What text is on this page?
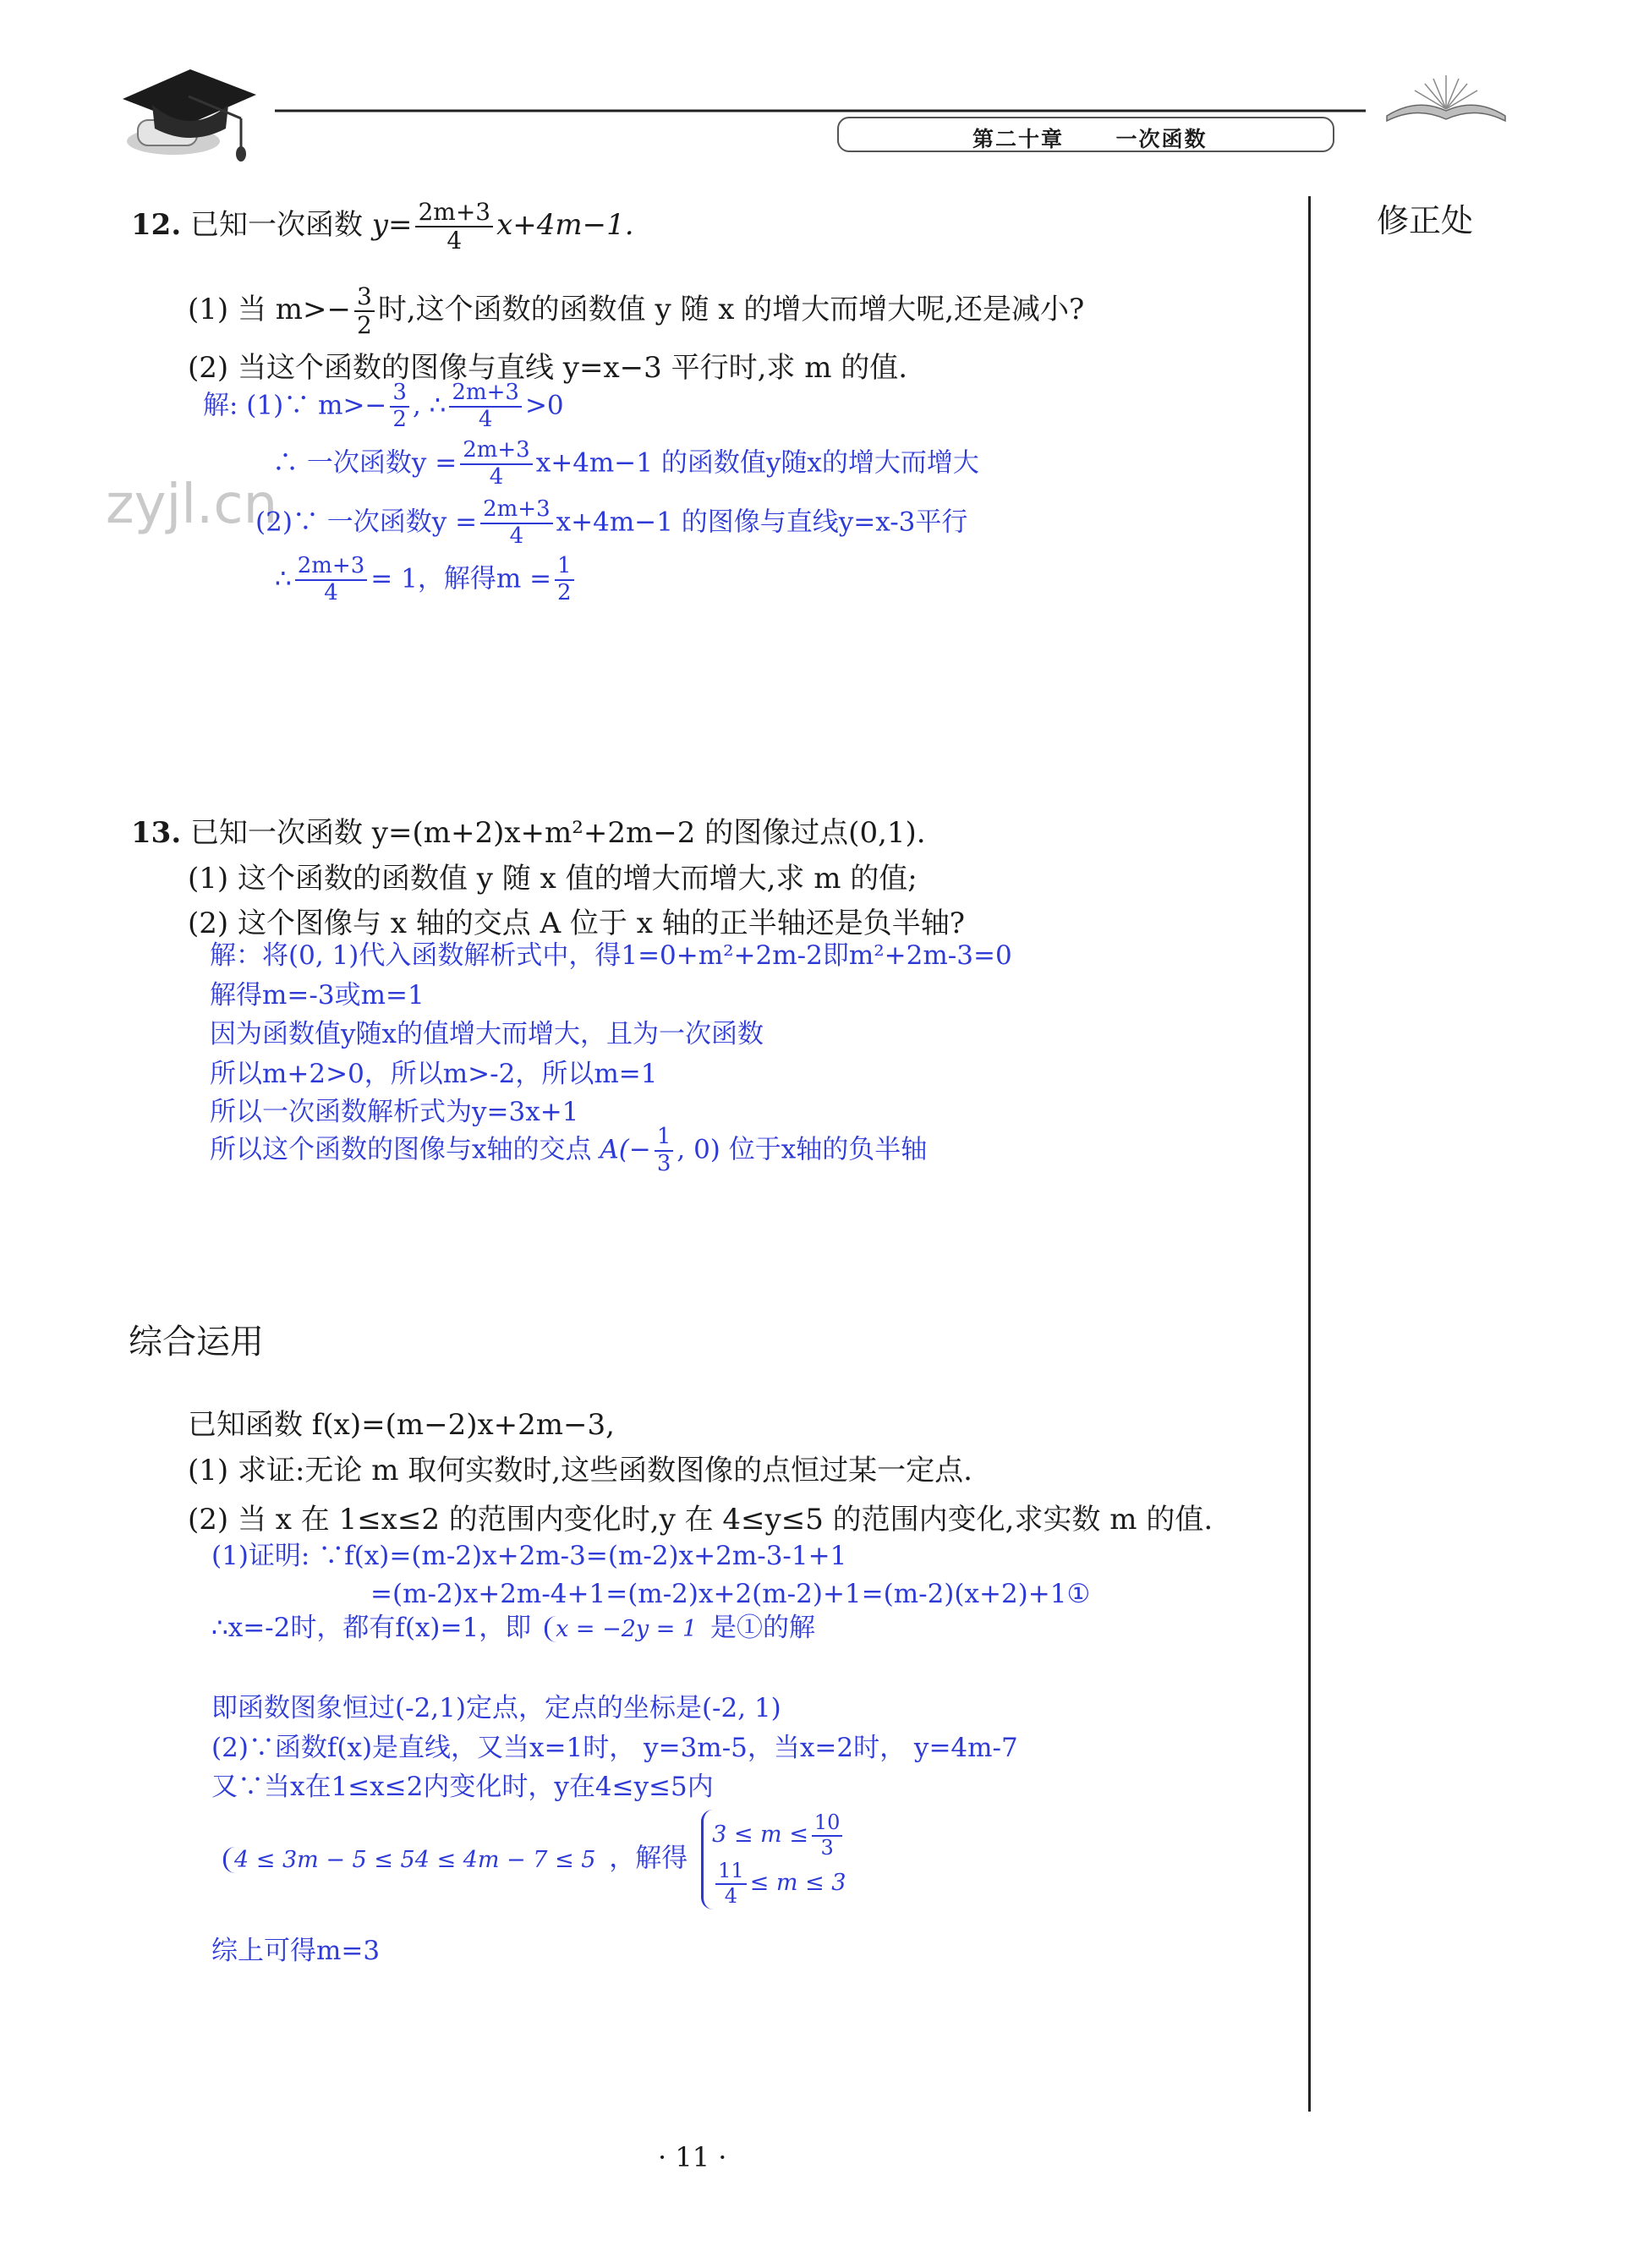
第二十章 一次函数
修正处
zyjl.cn
12. 已知一次函数 $y= \frac{2m+3}{4} x+4m-1$.
(1) 当 $m>- \frac{3}{2}$ 时,这个函数的函数值 y 随 x 的增大而增大呢,还是减小?
(2) 当这个函数的图像与直线 y=x−3 平行时,求 m 的值.
解: (1)∵ $m>- \frac{3}{2}$ , ∴ $\frac{2m+3}{4} >0$
∴ 一次函数$y = \frac{2m+3}{4} x+4m-1$ 的函数值y随x的增大而增大
(2)∵ 一次函数$y = \frac{2m+3}{4} x+4m-1$ 的图像与直线y=x-3平行
∴ $\frac{2m+3}{4} = 1$，解得$m = \frac{1}{2}$
13. 已知一次函数 y=(m+2)x+m²+2m−2 的图像过点(0,1).
(1) 这个函数的函数值 y 随 x 值的增大而增大,求 m 的值;
(2) 这个图像与 x 轴的交点 A 位于 x 轴的正半轴还是负半轴?
解：将(0, 1)代入函数解析式中，得1=0+m²+2m-2即m²+2m-3=0
解得m=-3或m=1
因为函数值y随x的值增大而增大，且为一次函数
所以m+2>0，所以m>-2，所以m=1
所以一次函数解析式为y=3x+1
所以这个函数的图像与x轴的交点 $A(- \frac{1}{3}$ , 0) 位于x轴的负半轴
综合运用
已知函数 f(x)=(m−2)x+2m−3,
(1) 求证:无论 m 取何实数时,这些函数图像的点恒过某一定点.
(2) 当 x 在 1≤x≤2 的范围内变化时,y 在 4≤y≤5 的范围内变化,求实数 m 的值.
(1)证明: ∵f(x)=(m-2)x+2m-3=(m-2)x+2m-3-1+1
=(m-2)x+2m-4+1=(m-2)x+2(m-2)+1=(m-2)(x+2)+1①
∴x=-2时，都有f(x)=1，即 x = −2y = 1 是①的解
即函数图象恒过(-2,1)定点，定点的坐标是(-2, 1)
(2)∵函数f(x)是直线，又当x=1时， y=3m-5，当x=2时， y=4m-7
又∵当x在1≤x≤2内变化时，y在4≤y≤5内
4 ≤ 3m − 5 ≤ 54 ≤ 4m − 7 ≤ 5 ，解得
$3 \le m \le \frac{10}{3}$
$\frac{11}{4} \le m \le 3$
综上可得m=3
· 11 ·
